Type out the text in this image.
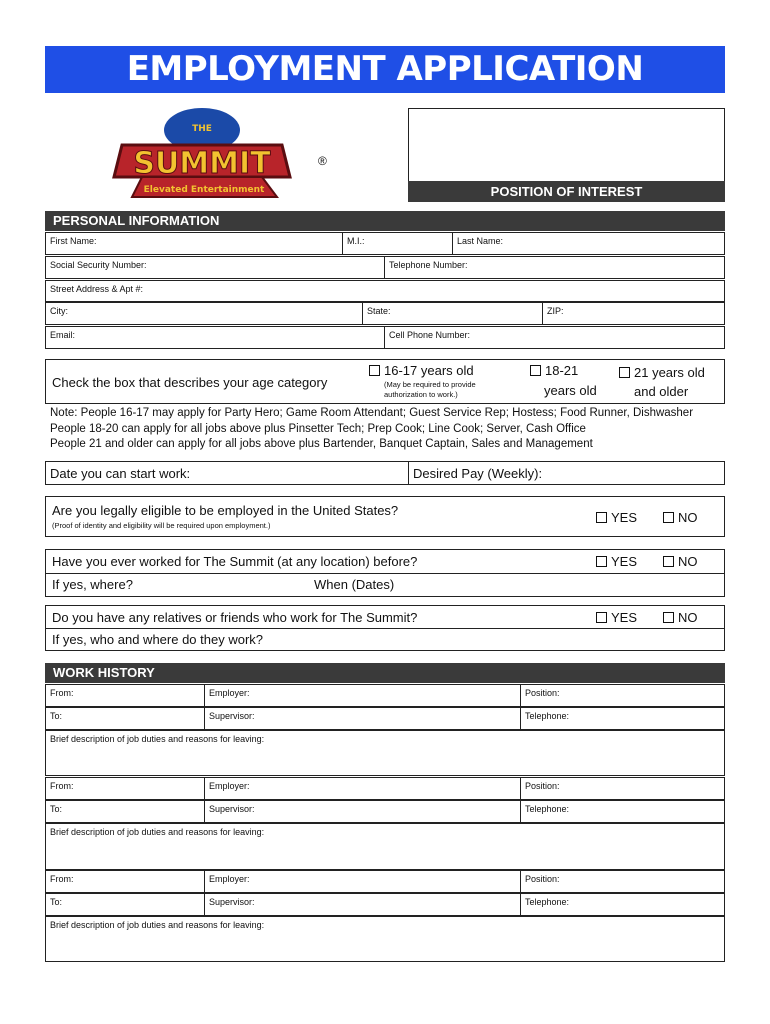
EMPLOYMENT APPLICATION
THE
SUMMIT
Elevated Entertainment
®
POSITION OF INTEREST
PERSONAL INFORMATION
First Name:	M.I.:	Last Name:
Social Security Number:	Telephone Number:
Street Address & Apt #:
City:	State:	ZIP:
Email:	Cell Phone Number:
Check the box that describes your age category
16-17 years old
(May be required to provide
authorization to work.)
18-21
years old
21 years old
and older
Note: People 16-17 may apply for Party Hero; Game Room Attendant; Guest Service Rep; Hostess; Food Runner, Dishwasher
People 18-20 can apply for all jobs above plus Pinsetter Tech; Prep Cook; Line Cook; Server, Cash Office
People 21 and older can apply for all jobs above plus Bartender, Banquet Captain, Sales and Management
Date you can start work:	Desired Pay (Weekly):
Are you legally eligible to be employed in the United States?
(Proof of identity and eligibility will be required upon employment.)
YES	NO
Have you ever worked for The Summit (at any location) before?	YES	NO
If yes, where?	When (Dates)
Do you have any relatives or friends who work for The Summit?	YES	NO
If yes, who and where do they work?
WORK HISTORY
From:	Employer:	Position:
To:	Supervisor:	Telephone:
Brief description of job duties and reasons for leaving:
From:	Employer:	Position:
To:	Supervisor:	Telephone:
Brief description of job duties and reasons for leaving:
From:	Employer:	Position:
To:	Supervisor:	Telephone:
Brief description of job duties and reasons for leaving:
